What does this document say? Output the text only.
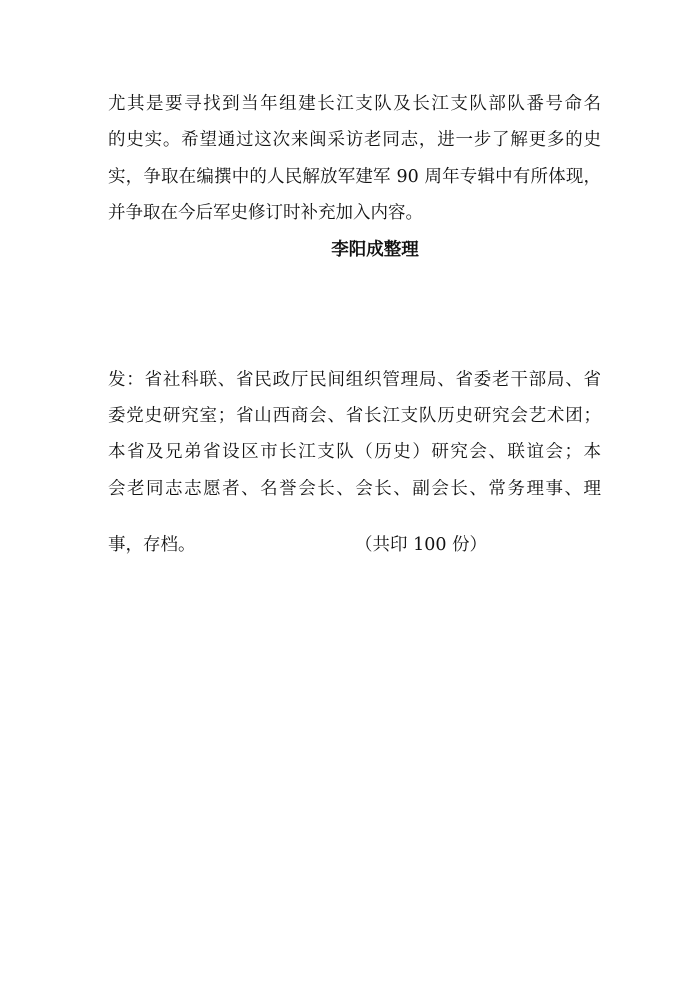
尤其是要寻找到当年组建长江支队及长江支队部队番号命名
的史实。希望通过这次来闽采访老同志，进一步了解更多的史
实，争取在编撰中的人民解放军建军 90 周年专辑中有所体现，
并争取在今后军史修订时补充加入内容。
李阳成整理
发：省社科联、省民政厅民间组织管理局、省委老干部局、省
委党史研究室；省山西商会、省长江支队历史研究会艺术团；
本省及兄弟省设区市长江支队（历史）研究会、联谊会；本
会老同志志愿者、名誉会长、会长、副会长、常务理事、理
事，存档。	（共印 100 份）
